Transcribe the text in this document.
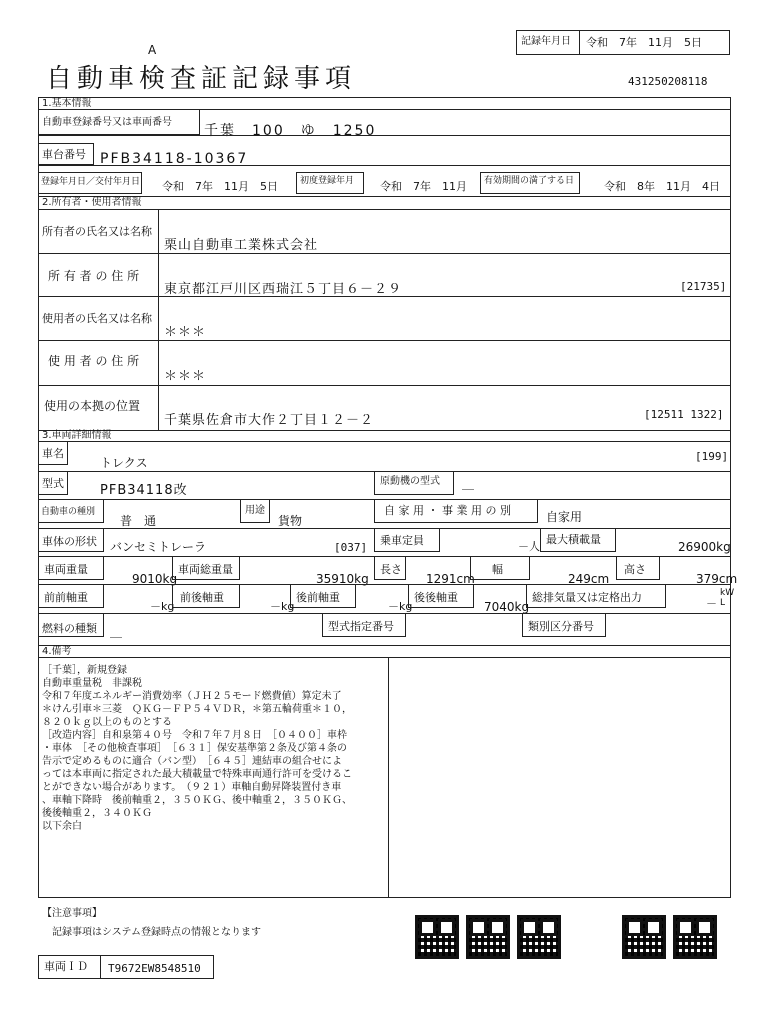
A
自動車検査証記録事項
記録年月日 令和　7年　11月　5日
431250208118
1.基本情報
自動車登録番号又は車両番号
千葉　100　ゆ　1250
車台番号 PFB34118-10367
登録年月日／交付年月日 令和　7年　11月　5日 初度登録年月 令和　7年　11月 有効期間の満了する日	令和　8年　11月　4日
2.所有者・使用者情報
所有者の氏名又は名称
栗山自動車工業株式会社
所 有 者 の 住 所
東京都江戸川区西瑞江５丁目６－２９	[21735]
使用者の氏名又は名称
＊＊＊
使 用 者 の 住 所
＊＊＊
使用の本拠の位置
千葉県佐倉市大作２丁目１２－２	[12511 1322]
3.車両詳細情報
車名
トレクス	[199]
型式	PFB34118改
原動機の型式 ＿
自動車の種別
普　通
用途
貨物
自 家 用 ・ 事 業 用 の 別	自家用
車体の形状 バンセミトレーラ	[037]
乗車定員	－人
最大積載量
26900kg
車両重量
9010kg
車両総重量
35910kg
長さ
1291cm
幅
249cm
高さ
379cm
前前軸重
－kg
前後軸重
－kg
後前軸重
－kg
後後軸重
7040kg
総排気量又は定格出力	－
kW L
燃料の種類 ＿	型式指定番号	類別区分番号
4.備考
［千葉］，新規登録
自動車重量税　非課税
令和７年度エネルギー消費効率（ＪＨ２５モード燃費値）算定未了
＊けん引車＊三菱　ＱＫＧ－ＦＰ５４ＶＤＲ，＊第五輪荷重＊１０，
８２０ｋｇ以上のものとする
［改造内容］自和泉第４０号　令和７年７月８日　［０４００］車枠
・車体　［その他検査事項］　［６３１］保安基準第２条及び第４条の
告示で定めるものに適合（バン型）　［６４５］連結車の組合せによ
っては本車両に指定された最大積載量で特殊車両通行許可を受けるこ
とができない場合があります。　（９２１）車軸自動昇降装置付き車
、車軸下降時　後前軸重２，３５０ＫＧ、後中軸重２，３５０ＫＧ、
後後軸重２，３４０ＫＧ
以下余白
【注意事項】
記録事項はシステム登録時点の情報となります
車両ＩＤ T9672EW8548510
